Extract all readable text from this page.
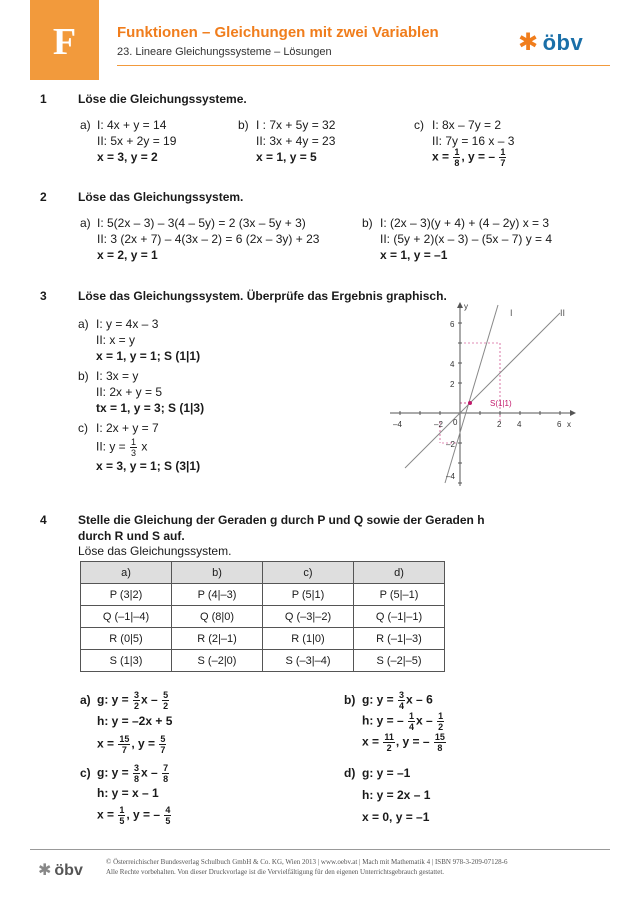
F	Funktionen – Gleichungen mit zwei Variablen
23. Lineare Gleichungssysteme – Lösungen	✱ öbv
1	Löse die Gleichungssysteme.
a) I: 4x + y = 14
II: 5x + 2y = 19
x = 3, y = 2
b) I : 7x + 5y = 32
II: 3x + 4y = 23
x = 1, y = 5
c) I: 8x – 7y = 2
II: 7y = 16 x – 3
$x = \frac{1}{8}$ , y = – $\frac{1}{7}$
2	Löse das Gleichungssystem.
a) I: 5(2x – 3) – 3(4 – 5y) = 2 (3x – 5y + 3)
II: 3 (2x + 7) – 4(3x – 2) = 6 (2x – 3y) + 23
x = 2, y = 1
b) I: (2x – 3)(y + 4) + (4 – 2y) x = 3
II: (5y + 2)(x – 3) – (5x – 7) y = 4
x = 1, y = –1
3	Löse das Gleichungssystem. Überprüfe das Ergebnis graphisch.
a) I: y = 4x – 3
II: x = y
x = 1, y = 1; S (1|1)
b) I: 3x = y
II: 2x + y = 5
tx = 1, y = 3; S (1|3)
c) I: 2x + y = 7
II: $y = \frac{1}{3}$ x
x = 3, y = 1; S (3|1)
I	II
S(1|1)
x
y
–4	–2 0	2 4	6
6
4
2
–2
–4
4	Stelle die Gleichung der Geraden g durch P und Q sowie der Geraden h
durch R und S auf.
Löse das Gleichungssystem.
a)	b)	c)	d)
P (3|2)	P (4|–3)	P (5|1)	P (5|–1)
Q (–1|–4)	Q (8|0)	Q (–3|–2)	Q (–1|–1)
R (0|5)	R (2|–1)	R (1|0)	R (–1|–3)
S (1|3)	S (–2|0)	S (–3|–4)	S (–2|–5)
a) g: $y = \frac{3}{2}$ x – $\frac{5}{2}$
h: y = –2x + 5
$x = \frac{15}{7}$ , $y = \frac{5}{7}$
b) g: $y = \frac{3}{4}$ x – 6
h: y = – $\frac{1}{4}$ x – $\frac{1}{2}$
$x = \frac{11}{2}$ , y = – $\frac{15}{8}$
c) g: $y = \frac{3}{8}$ x – $\frac{7}{8}$
h: y = x – 1
$x = \frac{1}{5}$ , y = – $\frac{4}{5}$
d) g: y = –1
h: y = 2x – 1
x = 0, y = –1
✱ öbv	© Österreichischer Bundesverlag Schulbuch GmbH & Co. KG, Wien 2013 | www.oebv.at | Mach mit Mathematik 4 | ISBN 978-3-209-07128-6
Alle Rechte vorbehalten. Von dieser Druckvorlage ist die Vervielfältigung für den eigenen Unterrichtsgebrauch gestattet.
